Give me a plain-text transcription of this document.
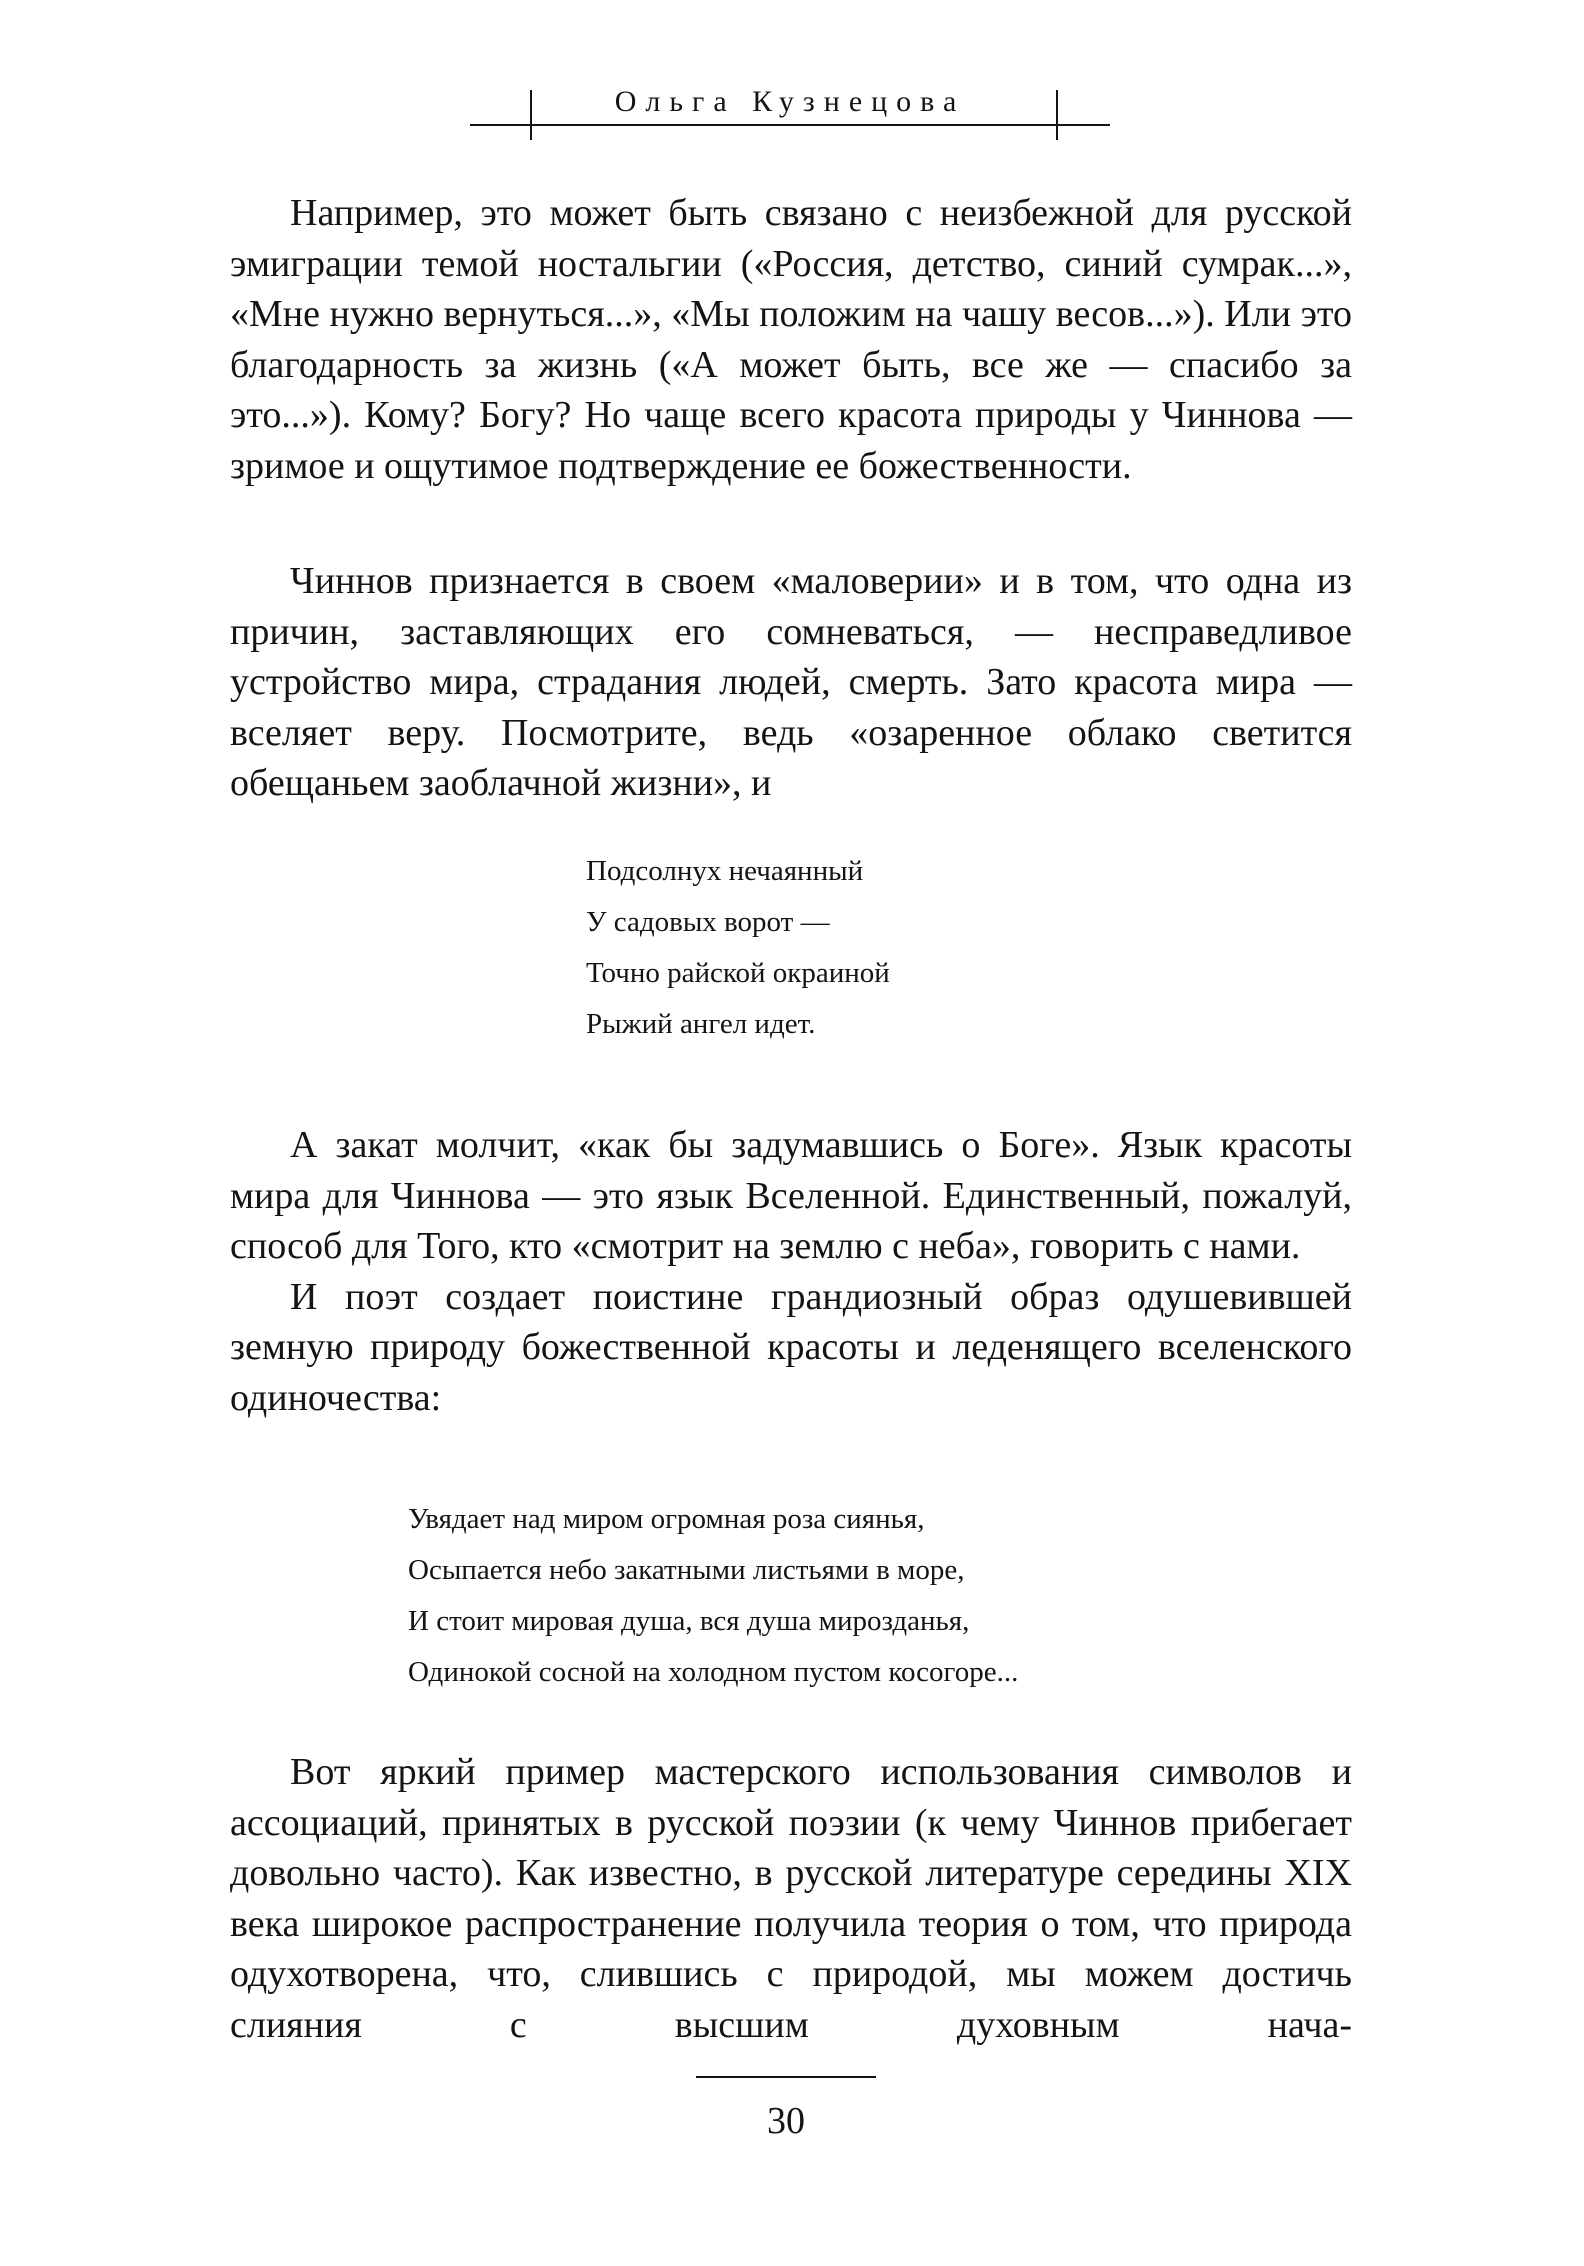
Ольга Кузнецова

Например, это может быть связано с неизбежной для русской эмиграции темой ностальгии («Россия, детство, синий сумрак...», «Мне нужно вернуться...», «Мы положим на чашу весов...»). Или это благодарность за жизнь («А может быть, все же — спасибо за это...»). Кому? Богу? Но чаще всего красота природы у Чиннова — зримое и ощутимое подтверждение ее божественности.

Чиннов признается в своем «маловерии» и в том, что одна из причин, заставляющих его сомневаться, — несправедливое устройство мира, страдания людей, смерть. Зато красота мира — вселяет веру. Посмотрите, ведь «озаренное облако светится обещаньем заоблачной жизни», и

Подсолнух нечаянный
У садовых ворот —
Точно райской окраиной
Рыжий ангел идет.

А закат молчит, «как бы задумавшись о Боге». Язык красоты мира для Чиннова — это язык Вселенной. Единственный, пожалуй, способ для Того, кто «смотрит на землю с неба», говорить с нами.

И поэт создает поистине грандиозный образ одушевившей земную природу божественной красоты и леденящего вселенского одиночества:

Увядает над миром огромная роза сиянья,
Осыпается небо закатными листьями в море,
И стоит мировая душа, вся душа мирозданья,
Одинокой сосной на холодном пустом косогоре...

Вот яркий пример мастерского использования символов и ассоциаций, принятых в русской поэзии (к чему Чиннов прибегает довольно часто). Как известно, в русской литературе середины XIX века широкое распространение получила теория о том, что природа одухотворена, что, слившись с природой, мы можем достичь слияния с высшим духовным нача-

30
